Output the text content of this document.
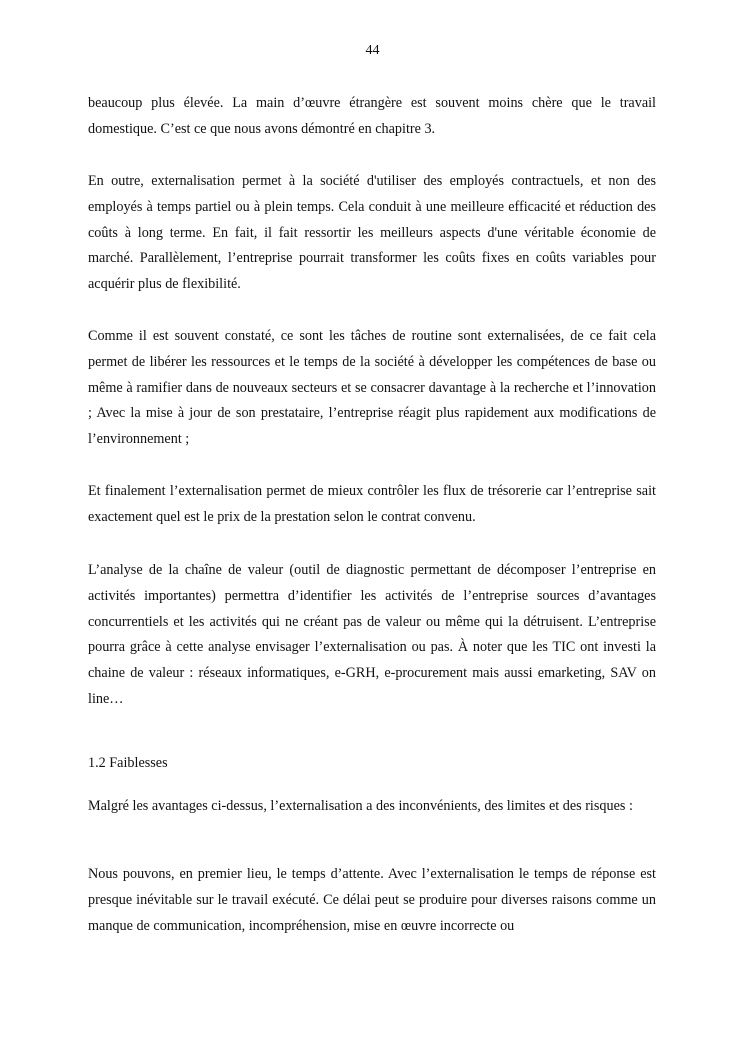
44

beaucoup plus élevée. La main d’œuvre étrangère est souvent moins chère que le travail domestique. C’est ce que nous avons démontré en chapitre 3.

En outre, externalisation permet à la société d'utiliser des employés contractuels, et non des employés à temps partiel ou à plein temps. Cela conduit à une meilleure efficacité et réduction des coûts à long terme. En fait, il fait ressortir les meilleurs aspects d'une véritable économie de marché. Parallèlement, l’entreprise pourrait transformer les coûts fixes en coûts variables pour acquérir plus de flexibilité.

Comme il est souvent constaté, ce sont les tâches de routine sont externalisées, de ce fait cela permet de libérer les ressources et le temps de la société à développer les compétences de base ou même à ramifier dans de nouveaux secteurs et se consacrer davantage à la recherche et l’innovation ; Avec la mise à jour de son prestataire, l’entreprise réagit plus rapidement aux modifications de l’environnement ;

Et finalement l’externalisation permet de mieux contrôler les flux de trésorerie car l’entreprise sait exactement quel est le prix de la prestation selon le contrat convenu.

L’analyse de la chaîne de valeur (outil de diagnostic permettant de décomposer l’entreprise en activités importantes) permettra d’identifier les activités de l’entreprise sources d’avantages concurrentiels et les activités qui ne créant pas de valeur ou même qui la détruisent. L’entreprise pourra grâce à cette analyse envisager l’externalisation ou pas. À noter que les TIC ont investi la chaine de valeur : réseaux informatiques, e-GRH, e-procurement mais aussi emarketing, SAV on line…

1.2 Faiblesses

Malgré les avantages ci-dessus, l’externalisation a des inconvénients, des limites et des risques :

Nous pouvons, en premier lieu, le temps d’attente. Avec l’externalisation le temps de réponse est presque inévitable sur le travail exécuté. Ce délai peut se produire pour diverses raisons comme un manque de communication, incompréhension, mise en œuvre incorrecte ou
